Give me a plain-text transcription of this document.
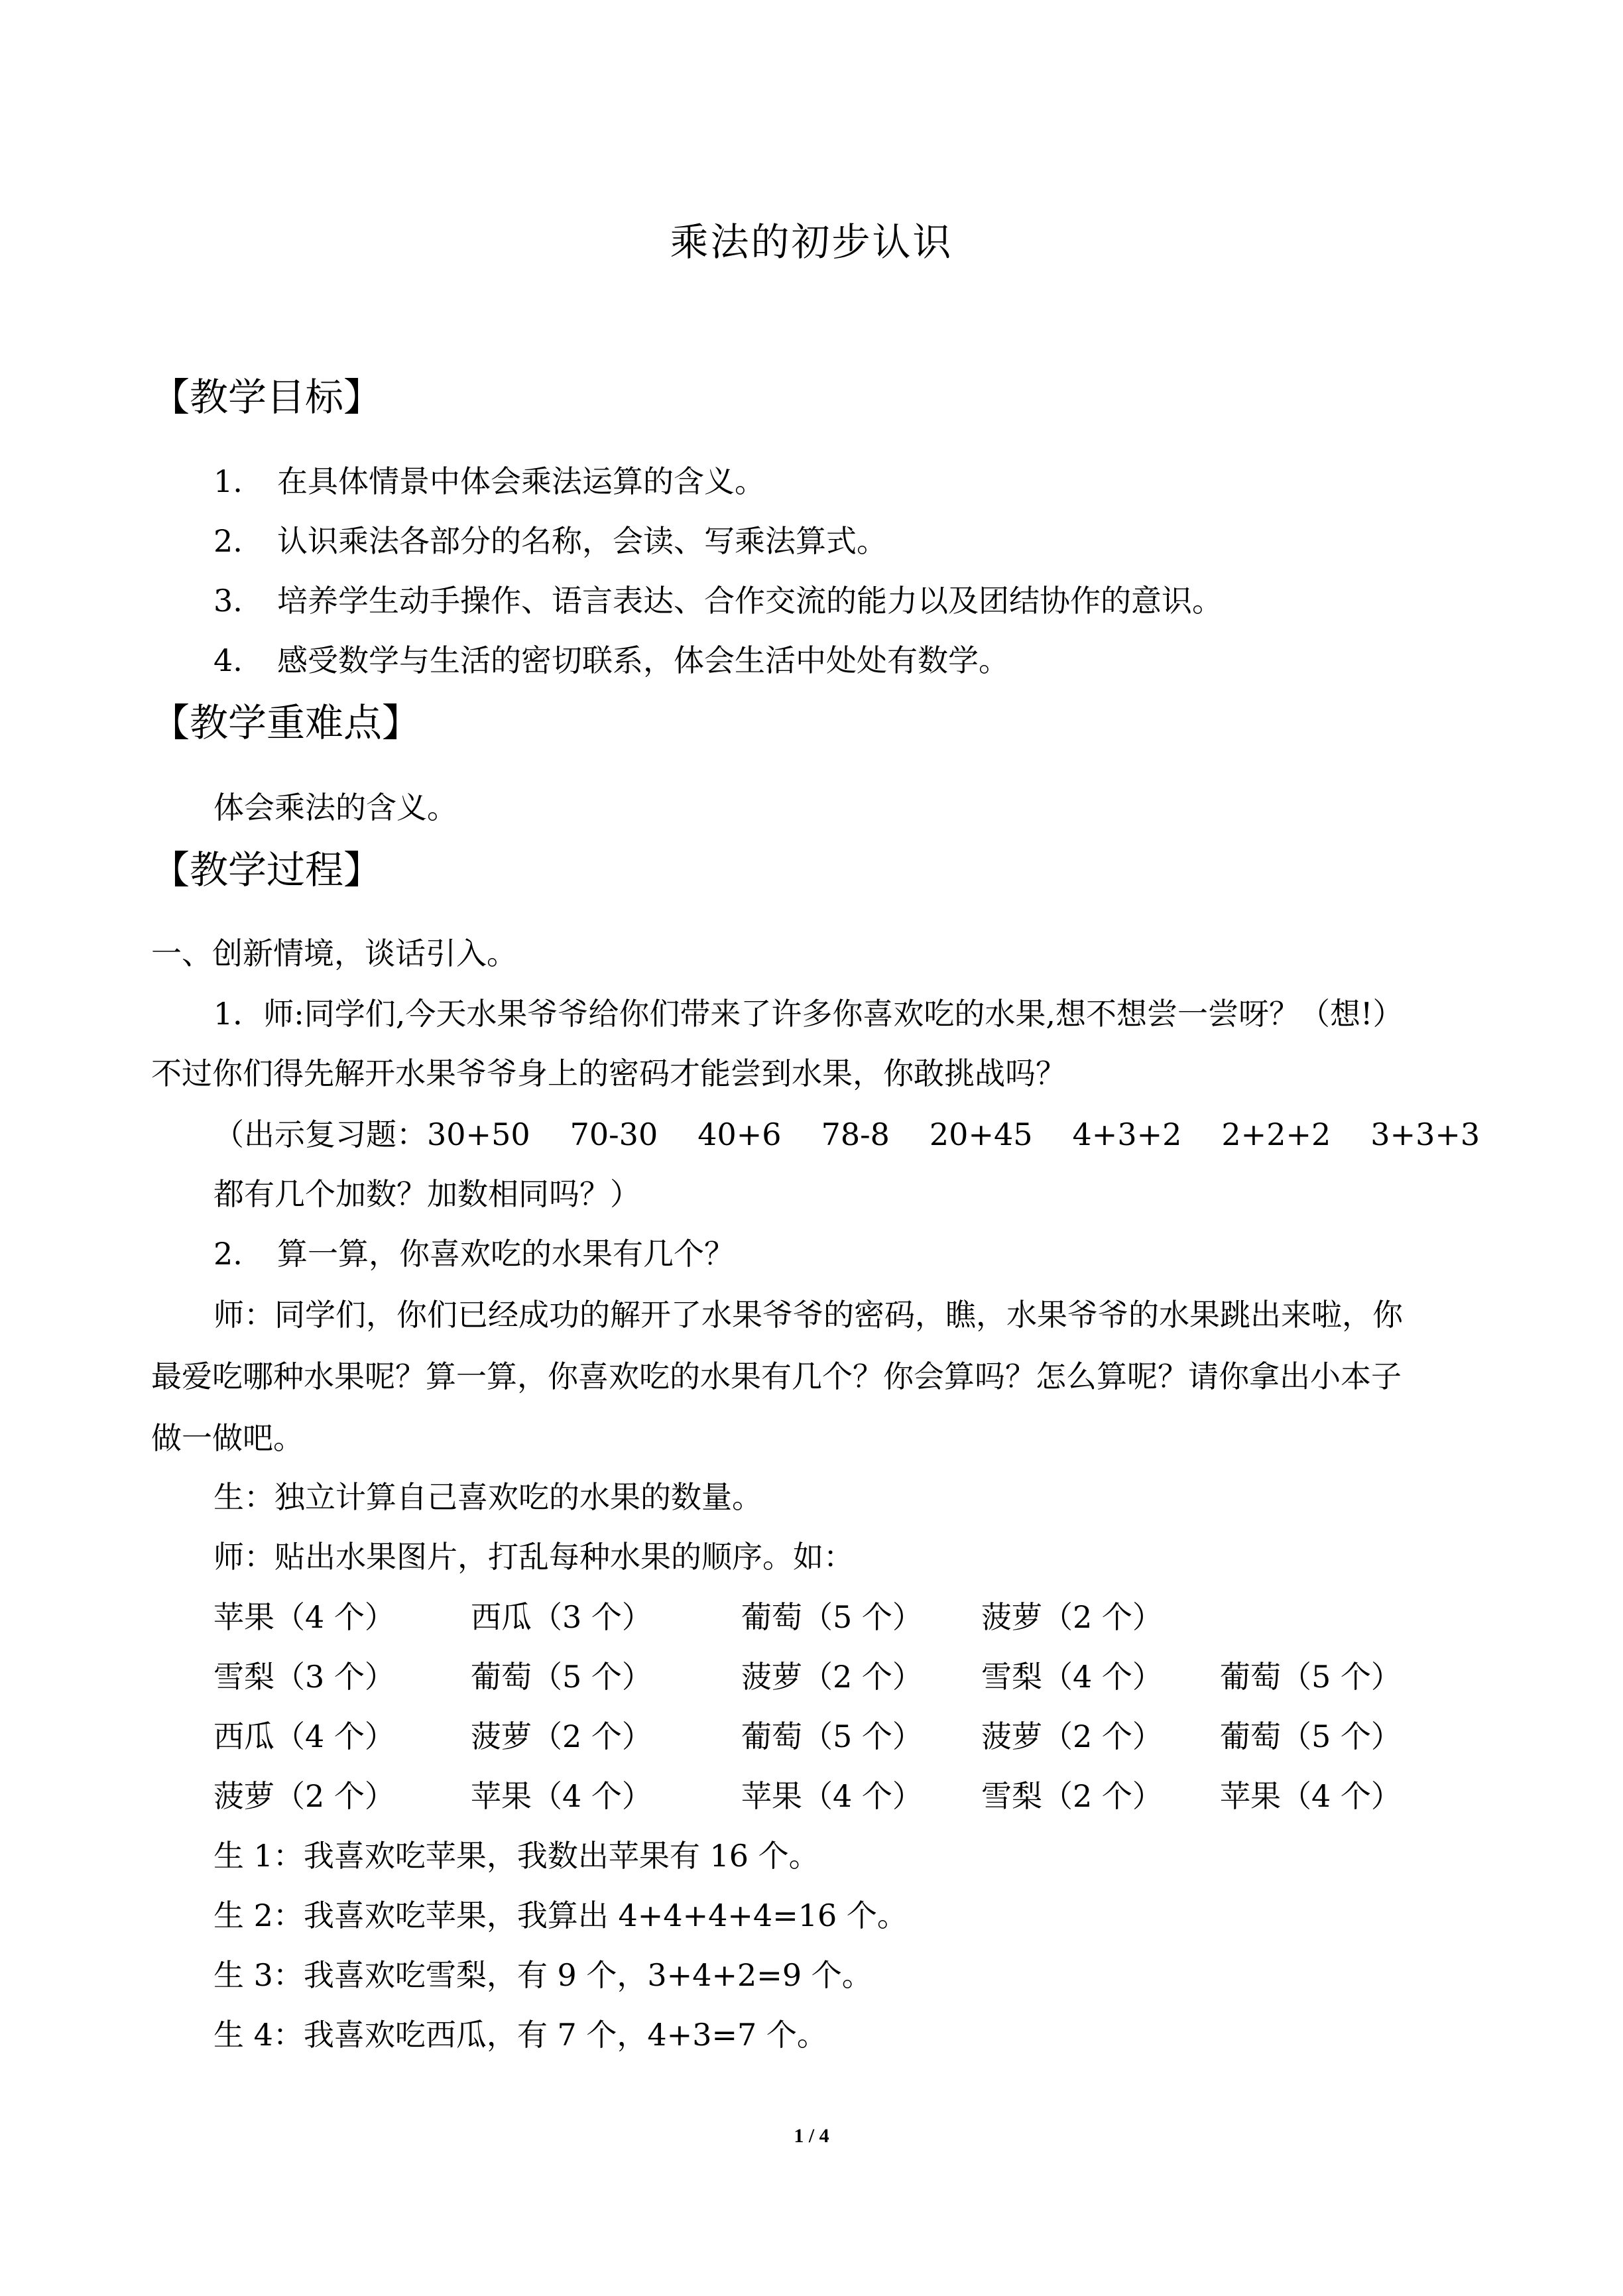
乘法的初步认识
【教学目标】
1. 在具体情景中体会乘法运算的含义。
2. 认识乘法各部分的名称，会读、写乘法算式。
3. 培养学生动手操作、语言表达、合作交流的能力以及团结协作的意识。
4. 感受数学与生活的密切联系，体会生活中处处有数学。
【教学重难点】
体会乘法的含义。
【教学过程】
一、创新情境，谈话引入。
1．师:同学们,今天水果爷爷给你们带来了许多你喜欢吃的水果,想不想尝一尝呀？（想!）
不过你们得先解开水果爷爷身上的密码才能尝到水果，你敢挑战吗？
（出示复习题：30+50 70-30 40+6 78-8 20+45 4+3+2 2+2+2 3+3+3
都有几个加数？加数相同吗？）
2. 算一算，你喜欢吃的水果有几个？
师：同学们，你们已经成功的解开了水果爷爷的密码，瞧，水果爷爷的水果跳出来啦，你
最爱吃哪种水果呢？算一算，你喜欢吃的水果有几个？你会算吗？怎么算呢？请你拿出小本子
做一做吧。
生：独立计算自己喜欢吃的水果的数量。
师：贴出水果图片，打乱每种水果的顺序。如：
苹果（4 个） 西瓜（3 个）	葡萄（5 个） 菠萝（2 个）
雪梨（3 个） 葡萄（5 个）	菠萝（2 个） 雪梨（4 个） 葡萄（5 个）
西瓜（4 个） 菠萝（2 个）	葡萄（5 个） 菠萝（2 个） 葡萄（5 个）
菠萝（2 个） 苹果（4 个）	苹果（4 个） 雪梨（2 个） 苹果（4 个）
生 1：我喜欢吃苹果，我数出苹果有 16 个。
生 2：我喜欢吃苹果，我算出 4+4+4+4=16 个。
生 3：我喜欢吃雪梨，有 9 个，3+4+2=9 个。
生 4：我喜欢吃西瓜，有 7 个，4+3=7 个。
1 / 4
